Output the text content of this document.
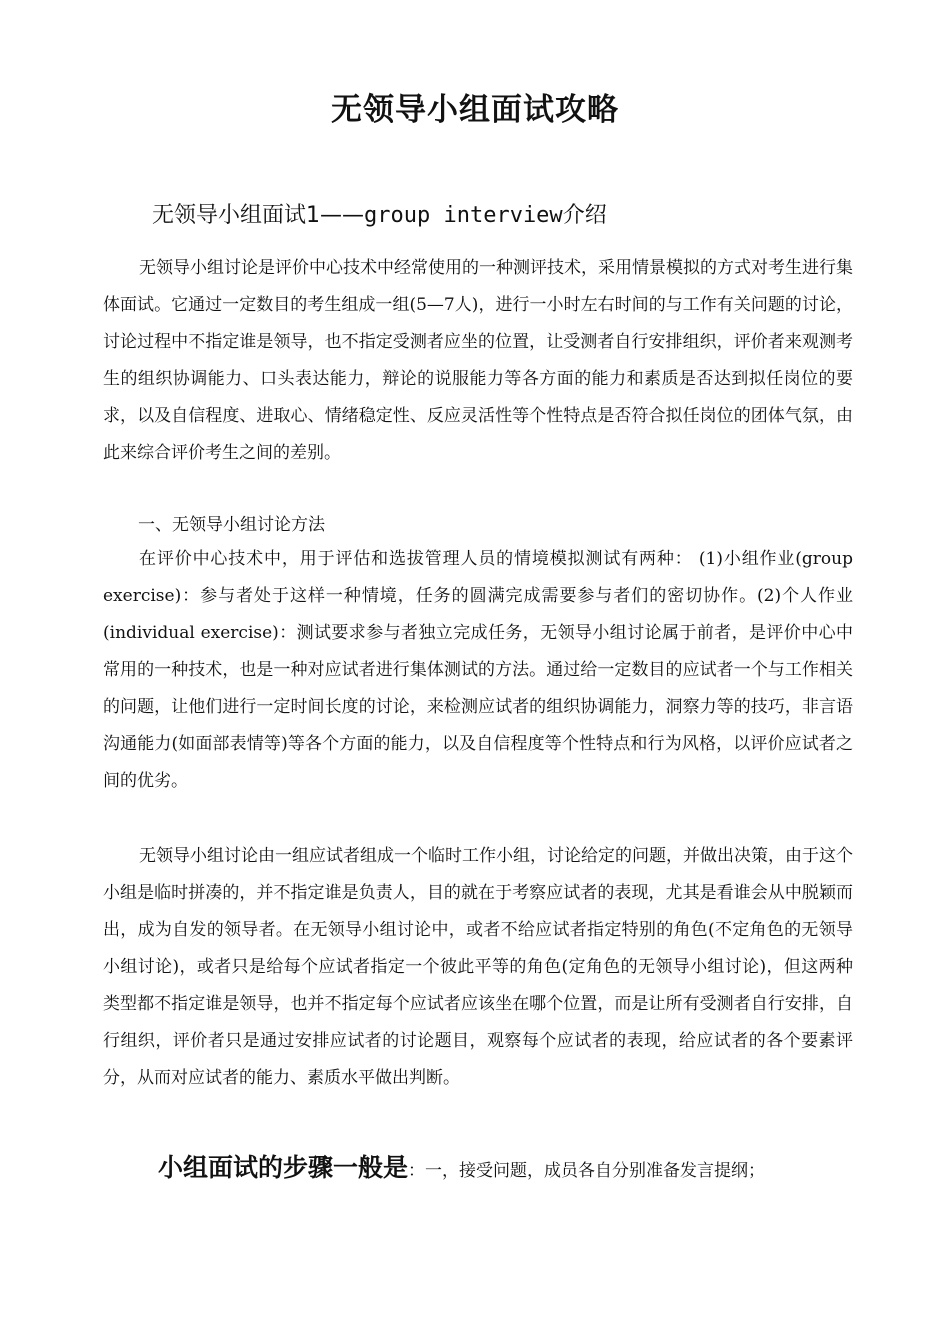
无领导小组面试攻略
无领导小组面试1——group interview介绍

无领导小组讨论是评价中心技术中经常使用的一种测评技术，采用情景模拟的方式对考生进行集体面试。它通过一定数目的考生组成一组(5—7人)，进行一小时左右时间的与工作有关问题的讨论，讨论过程中不指定谁是领导，也不指定受测者应坐的位置，让受测者自行安排组织，评价者来观测考生的组织协调能力、口头表达能力，辩论的说服能力等各方面的能力和素质是否达到拟任岗位的要求，以及自信程度、进取心、情绪稳定性、反应灵活性等个性特点是否符合拟任岗位的团体气氛，由此来综合评价考生之间的差别。

一、无领导小组讨论方法

在评价中心技术中，用于评估和选拔管理人员的情境模拟测试有两种： (1)小组作业(group exercise)：参与者处于这样一种情境，任务的圆满完成需要参与者们的密切协作。(2)个人作业(individual exercise)：测试要求参与者独立完成任务，无领导小组讨论属于前者，是评价中心中常用的一种技术，也是一种对应试者进行集体测试的方法。通过给一定数目的应试者一个与工作相关的问题，让他们进行一定时间长度的讨论，来检测应试者的组织协调能力，洞察力等的技巧，非言语沟通能力(如面部表情等)等各个方面的能力，以及自信程度等个性特点和行为风格，以评价应试者之间的优劣。

无领导小组讨论由一组应试者组成一个临时工作小组，讨论给定的问题，并做出决策，由于这个小组是临时拼凑的，并不指定谁是负责人，目的就在于考察应试者的表现，尤其是看谁会从中脱颖而出，成为自发的领导者。在无领导小组讨论中，或者不给应试者指定特别的角色(不定角色的无领导小组讨论)，或者只是给每个应试者指定一个彼此平等的角色(定角色的无领导小组讨论)，但这两种类型都不指定谁是领导，也并不指定每个应试者应该坐在哪个位置，而是让所有受测者自行安排，自行组织，评价者只是通过安排应试者的讨论题目，观察每个应试者的表现，给应试者的各个要素评分，从而对应试者的能力、素质水平做出判断。

小组面试的步骤一般是：一，接受问题，成员各自分别准备发言提纲；
